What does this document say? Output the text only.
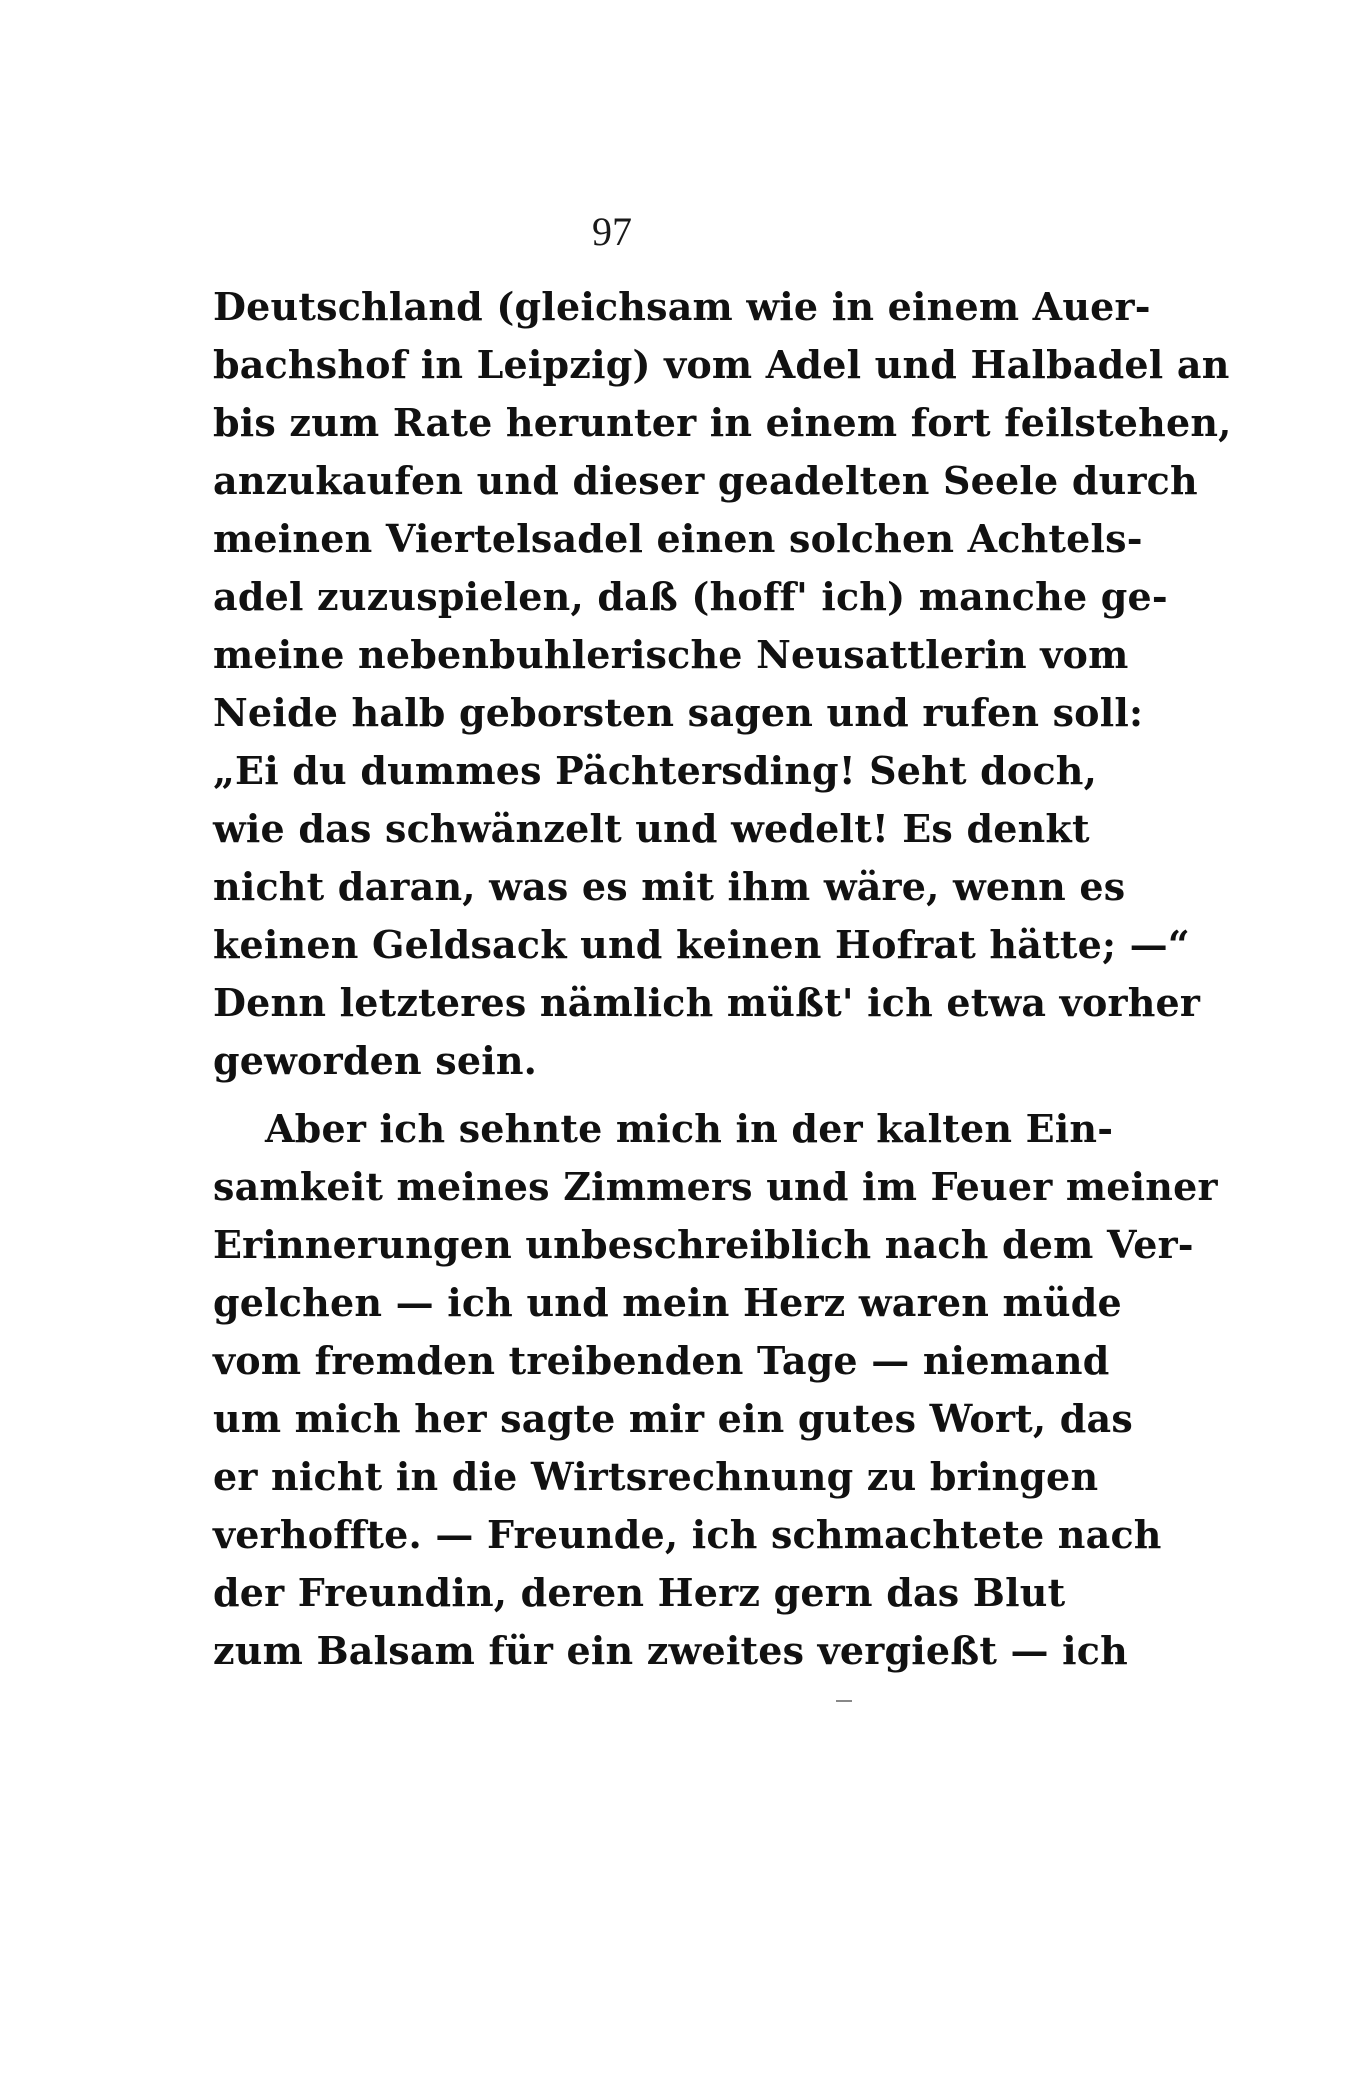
97
Deutschland (gleichsam wie in einem Auer-
bachshof in Leipzig) vom Adel und Halbadel an
bis zum Rate herunter in einem fort feilstehen,
anzukaufen und dieser geadelten Seele durch
meinen Viertelsadel einen solchen Achtels-
adel zuzuspielen, daß (hoff' ich) manche ge-
meine nebenbuhlerische Neusattlerin vom
Neide halb geborsten sagen und rufen soll:
„Ei du dummes Pächtersding! Seht doch,
wie das schwänzelt und wedelt! Es denkt
nicht daran, was es mit ihm wäre, wenn es
keinen Geldsack und keinen Hofrat hätte; —“
Denn letzteres nämlich müßt' ich etwa vorher
geworden sein.
Aber ich sehnte mich in der kalten Ein-
samkeit meines Zimmers und im Feuer meiner
Erinnerungen unbeschreiblich nach dem Ver-
gelchen — ich und mein Herz waren müde
vom fremden treibenden Tage — niemand
um mich her sagte mir ein gutes Wort, das
er nicht in die Wirtsrechnung zu bringen
verhoffte. — Freunde, ich schmachtete nach
der Freundin, deren Herz gern das Blut
zum Balsam für ein zweites vergießt — ich
